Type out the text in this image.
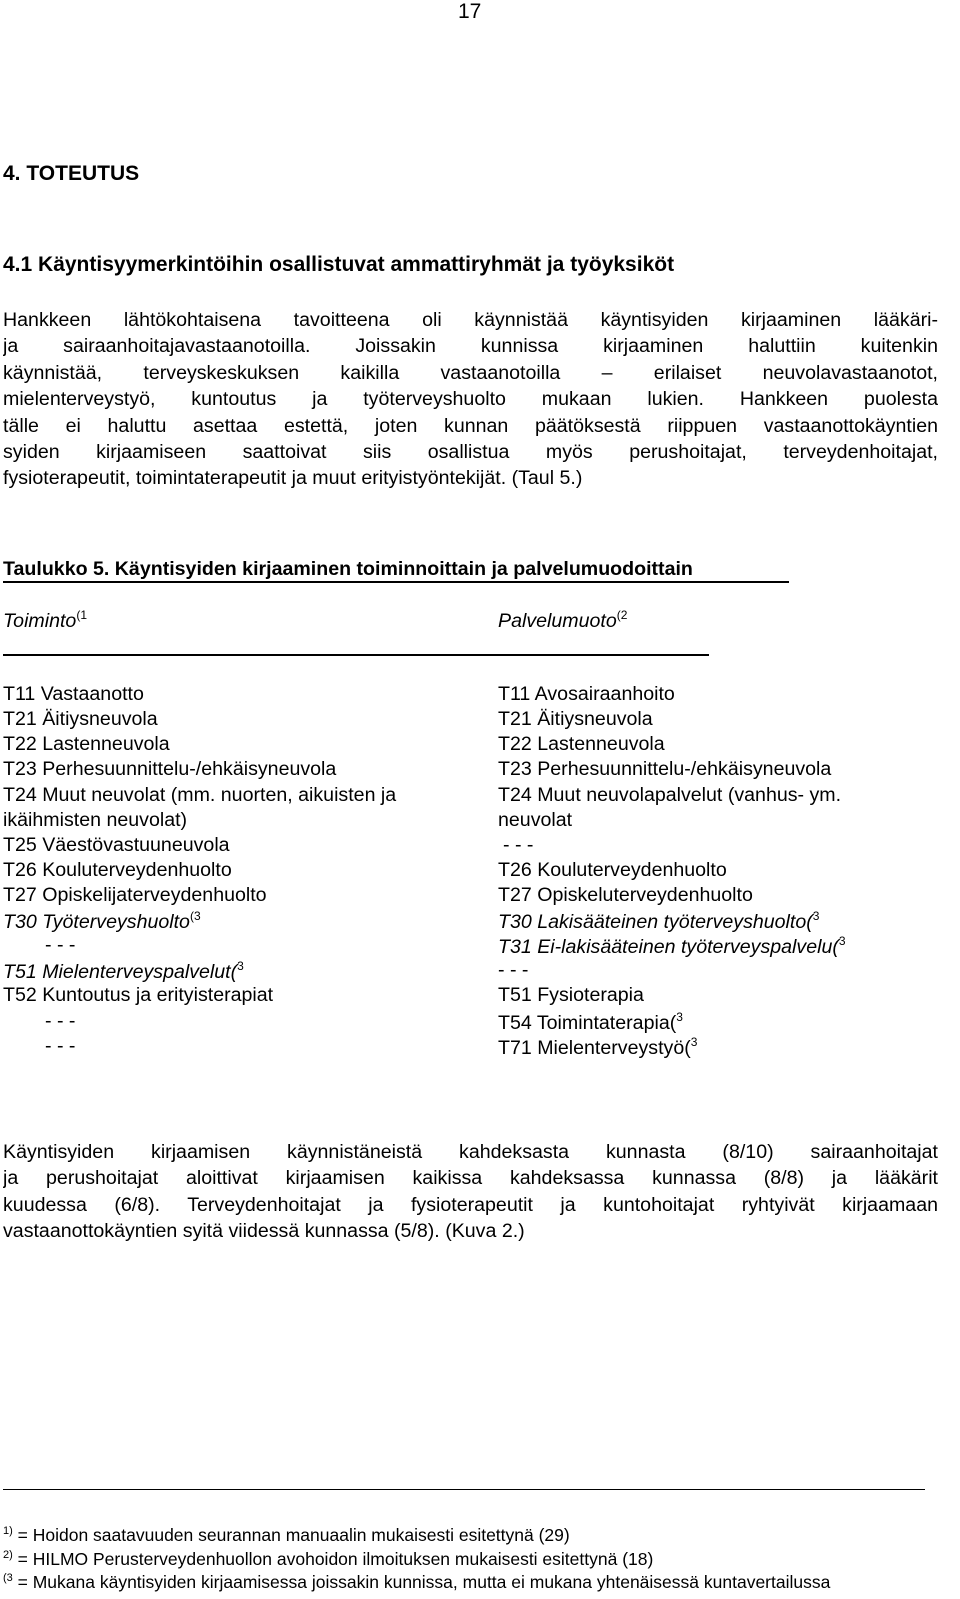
17
4. TOTEUTUS
4.1 Käyntisyymerkintöihin osallistuvat ammattiryhmät ja työyksiköt
Hankkeen lähtökohtaisena tavoitteena oli käynnistää käyntisyiden kirjaaminen lääkäri-
ja sairaanhoitajavastaanotoilla. Joissakin kunnissa kirjaaminen haluttiin kuitenkin
käynnistää, terveyskeskuksen kaikilla vastaanotoilla – erilaiset neuvolavastaanotot,
mielenterveystyö, kuntoutus ja työterveyshuolto mukaan lukien. Hankkeen puolesta
tälle ei haluttu asettaa estettä, joten kunnan päätöksestä riippuen vastaanottokäyntien
syiden kirjaamiseen saattoivat siis osallistua myös perushoitajat, terveydenhoitajat,
fysioterapeutit, toimintaterapeutit ja muut erityistyöntekijät. (Taul 5.)
Taulukko 5. Käyntisyiden kirjaaminen toiminnoittain ja palvelumuodoittain
Toiminto$^{(1}$	Palvelumuoto$^{(2}$
T11 Vastaanotto
T21 Äitiysneuvola
T22 Lastenneuvola
T23 Perhesuunnittelu-/ehkäisyneuvola
T24 Muut neuvolat (mm. nuorten, aikuisten ja
ikäihmisten neuvolat)
T25 Väestövastuuneuvola
T26 Kouluterveydenhuolto
T27 Opiskelijaterveydenhuolto
T30 Työterveyshuolto$^{(3}$
- - -
T51 Mielenterveyspalvelut($^3$
T52 Kuntoutus ja erityisterapiat
- - -
- - -
T11 Avosairaanhoito
T21 Äitiysneuvola
T22 Lastenneuvola
T23 Perhesuunnittelu-/ehkäisyneuvola
T24 Muut neuvolapalvelut (vanhus- ym.
neuvolat
- - -
T26 Kouluterveydenhuolto
T27 Opiskeluterveydenhuolto
T30 Lakisääteinen työterveyshuolto($^3$
T31 Ei-lakisääteinen työterveyspalvelu($^3$
- - -
T51 Fysioterapia
T54 Toimintaterapia($^3$
T71 Mielenterveystyö($^3$
Käyntisyiden kirjaamisen käynnistäneistä kahdeksasta kunnasta (8/10) sairaanhoitajat
ja perushoitajat aloittivat kirjaamisen kaikissa kahdeksassa kunnassa (8/8) ja lääkärit
kuudessa (6/8). Terveydenhoitajat ja fysioterapeutit ja kuntohoitajat ryhtyivät kirjaamaan
vastaanottokäyntien syitä viidessä kunnassa (5/8). (Kuva 2.)
$^{1)}$ = Hoidon saatavuuden seurannan manuaalin mukaisesti esitettynä (29)
$^{2)}$ = HILMO Perusterveydenhuollon avohoidon ilmoituksen mukaisesti esitettynä (18)
$^{(3}$ = Mukana käyntisyiden kirjaamisessa joissakin kunnissa, mutta ei mukana yhtenäisessä kuntavertailussa
